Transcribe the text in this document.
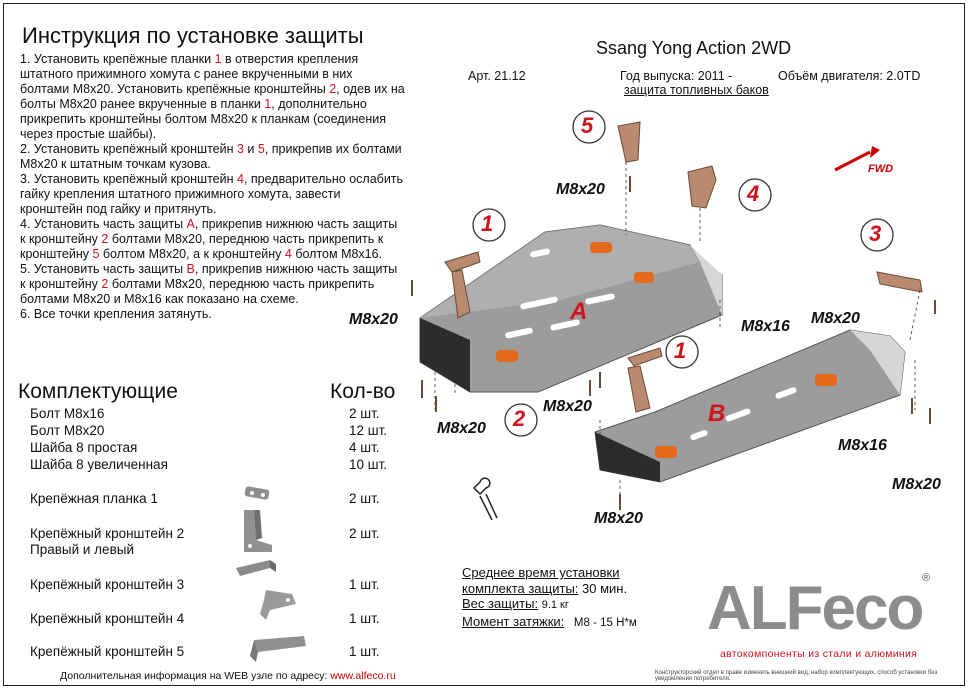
Инструкция по установке защиты

1. Установить крепёжные планки 1 в отверстия крепления штатного прижимного хомута с ранее вкрученными в них болтами M8x20. Установить крепёжные кронштейны 2, одев их на болты M8x20 ранее вкрученные в планки 1, дополнительно прикрепить кронштейны болтом M8x20 к планкам (соединения через простые шайбы).

2. Установить крепёжный кронштейн 3 и 5, прикрепив их болтами M8x20 к штатным точкам кузова.

3. Установить крепёжный кронштейн 4, предварительно ослабить гайку крепления штатного прижимного хомута, завести кронштейн под гайку и притянуть.

4. Установить часть защиты A, прикрепив нижнюю часть защиты к кронштейну 2 болтами M8x20, переднюю часть прикрепить к кронштейну 5 болтом M8x20, а к кронштейну 4 болтом M8x16.

5. Установить часть защиты B, прикрепив нижнюю часть защиты к кронштейну 2 болтами M8x20, переднюю часть прикрепить болтами M8x20 и M8x16 как показано на схеме.

6. Все точки крепления затянуть.

Ssang Yong Action 2WD
Арт. 21.12	Год выпуска: 2011 -	Объём двигателя: 2.0TD
защита топливных баков
Комплектующие	Кол-во
Болт M8x16	2 шт.
Болт M8x20	12 шт.
Шайба 8 простая	4 шт.
Шайба 8 увеличенная	10 шт.
Крепёжная планка 1	2 шт.
Крепёжный кронштейн 2
Правый и левый
2 шт.
Крепёжный кронштейн 3	1 шт.
Крепёжный кронштейн 4	1 шт.
Крепёжный кронштейн 5	1 шт.
1
1
2
3
4
5
A
B
M8x20
M8x20	M8x20
M8x20
M8x20
M8x20
M8x20
M8x16
M8x16
FWD
Среднее время установки
комплекта защиты: 30 мин.
Вес защиты: 9.1 кг
Момент затяжки: M8 - 15 H*м ALFeco ®
автокомпоненты из стали и алюминия
Дополнительная информация на WEB узле по адресу: www.alfeco.ru	Конструкторский отдел в праве изменять внешний вид, набор комплектующих, способ установки без уведомления потребителя.
